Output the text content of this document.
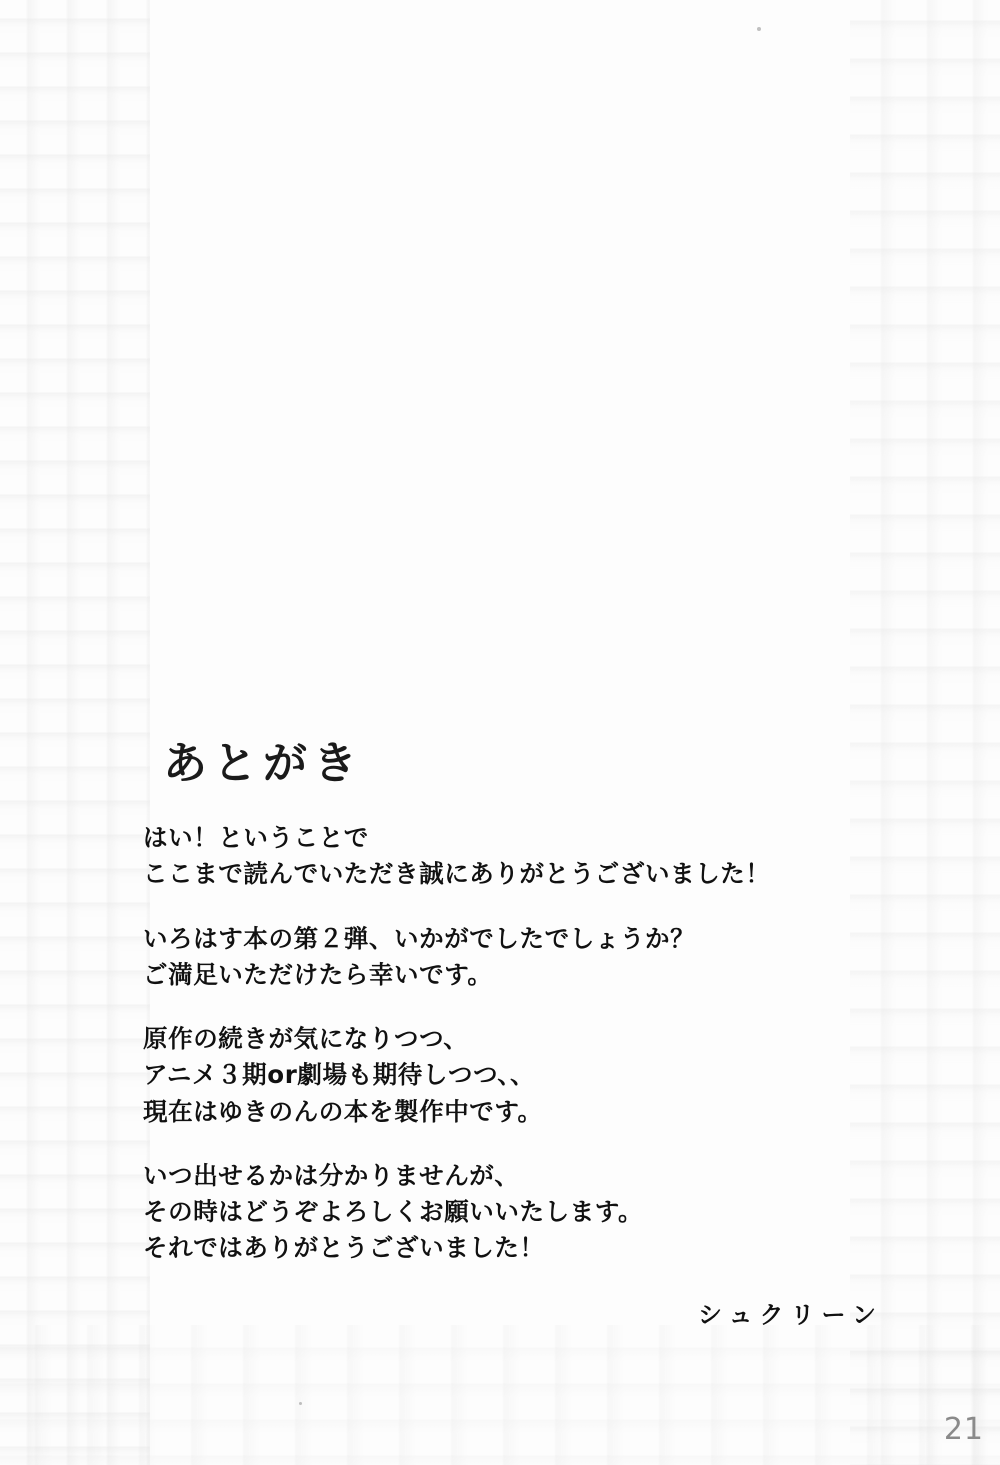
あとがき

はい！ということで
ここまで読んでいただき誠にありがとうございました！

いろはす本の第２弾、いかがでしたでしょうか？
ご満足いただけたら幸いです。

原作の続きが気になりつつ、
アニメ３期or劇場も期待しつつ、、
現在はゆきのんの本を製作中です。

いつ出せるかは分かりませんが、
その時はどうぞよろしくお願いいたします。
それではありがとうございました！

シュクリーン
21
